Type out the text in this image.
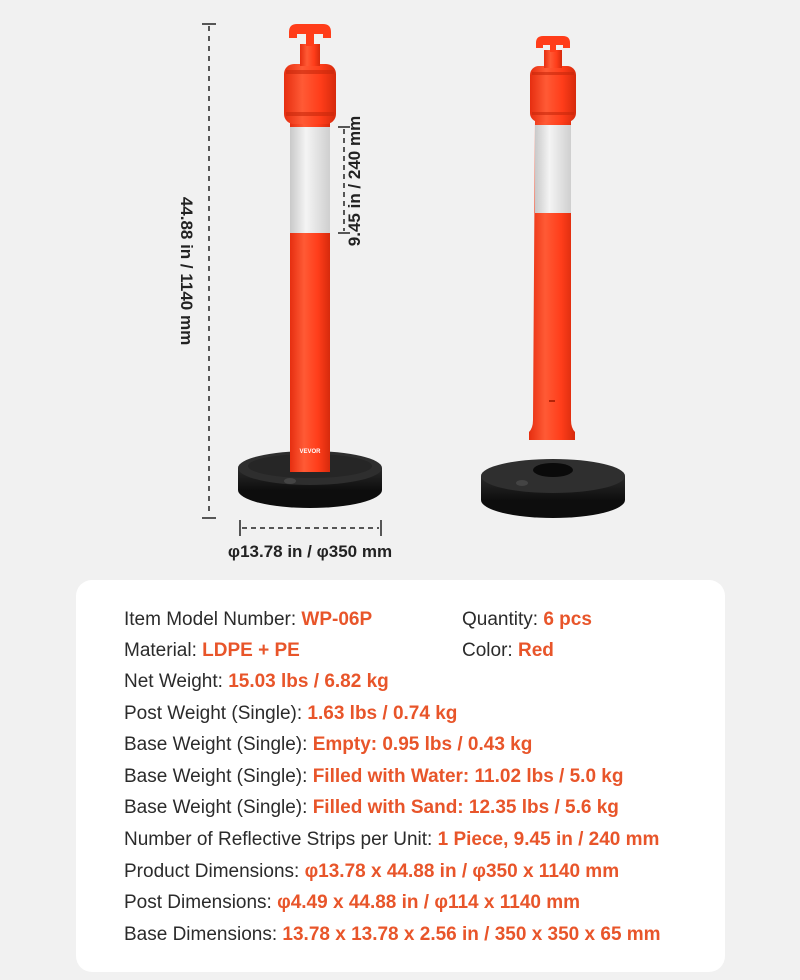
44.88 in / 1140 mm
9.45 in / 240 mm
φ13.78 in / φ350 mm
VEVOR
Item Model Number: WP-06P	Quantity: 6 pcs
Material: LDPE + PE	Color: Red
Net Weight: 15.03 lbs / 6.82 kg
Post Weight (Single): 1.63 lbs / 0.74 kg
Base Weight (Single): Empty: 0.95 lbs / 0.43 kg
Base Weight (Single): Filled with Water: 11.02 lbs / 5.0 kg
Base Weight (Single): Filled with Sand: 12.35 lbs / 5.6 kg
Number of Reflective Strips per Unit: 1 Piece, 9.45 in / 240 mm
Product Dimensions: φ13.78 x 44.88 in / φ350 x 1140 mm
Post Dimensions: φ4.49 x 44.88 in / φ114 x 1140 mm
Base Dimensions: 13.78 x 13.78 x 2.56 in / 350 x 350 x 65 mm
